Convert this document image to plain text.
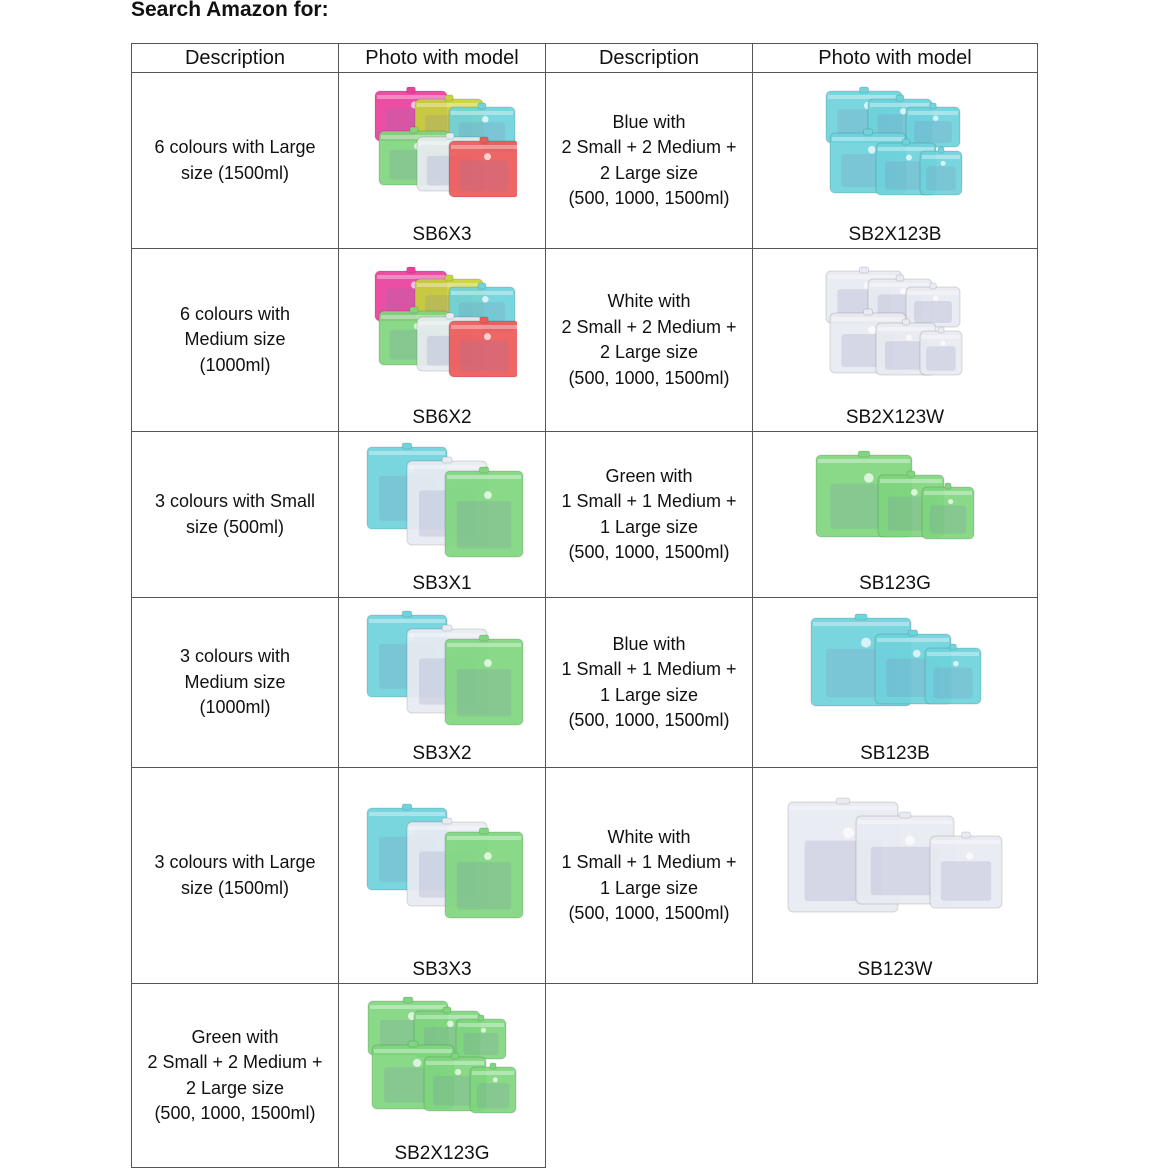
Search Amazon for:
Description	Photo with model	Description	Photo with model

6 colours with Large
size (1500ml)	SB6X3	Blue with
2 Small + 2 Medium +
2 Large size
(500, 1000, 1500ml)	SB2X123B

6 colours with
Medium size
(1000ml)	SB6X2	White with
2 Small + 2 Medium +
2 Large size
(500, 1000, 1500ml)	SB2X123W

3 colours with Small
size (500ml)	SB3X1	Green with
1 Small + 1 Medium +
1 Large size
(500, 1000, 1500ml)	SB123G

3 colours with
Medium size
(1000ml)	SB3X2	Blue with
1 Small + 1 Medium +
1 Large size
(500, 1000, 1500ml)	SB123B

3 colours with Large
size (1500ml)	SB3X3	White with
1 Small + 1 Medium +
1 Large size
(500, 1000, 1500ml)	SB123W

Green with
2 Small + 2 Medium +
2 Large size
(500, 1000, 1500ml)	SB2X123G		
